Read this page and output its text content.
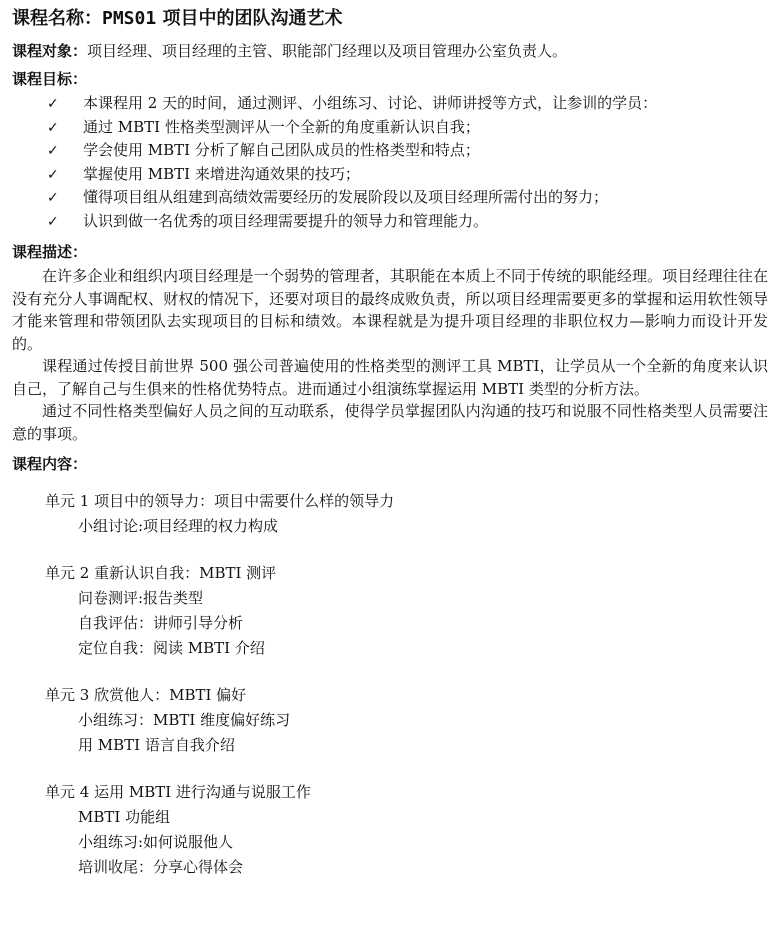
课程名称：PMS01 项目中的团队沟通艺术
课程对象：项目经理、项目经理的主管、职能部门经理以及项目管理办公室负责人。
课程目标：
✓ 本课程用 2 天的时间，通过测评、小组练习、讨论、讲师讲授等方式，让参训的学员：
✓ 通过 MBTI 性格类型测评从一个全新的角度重新认识自我；
✓ 学会使用 MBTI 分析了解自己团队成员的性格类型和特点；
✓ 掌握使用 MBTI 来增进沟通效果的技巧；
✓ 懂得项目组从组建到高绩效需要经历的发展阶段以及项目经理所需付出的努力；
✓ 认识到做一名优秀的项目经理需要提升的领导力和管理能力。
课程描述：

在许多企业和组织内项目经理是一个弱势的管理者，其职能在本质上不同于传统的职能经理。项目经理往往在没有充分人事调配权、财权的情况下，还要对项目的最终成败负责，所以项目经理需要更多的掌握和运用软性领导才能来管理和带领团队去实现项目的目标和绩效。本课程就是为提升项目经理的非职位权力—影响力而设计开发的。

课程通过传授目前世界 500 强公司普遍使用的性格类型的测评工具 MBTI，让学员从一个全新的角度来认识自己，了解自己与生俱来的性格优势特点。进而通过小组演练掌握运用 MBTI 类型的分析方法。

通过不同性格类型偏好人员之间的互动联系，使得学员掌握团队内沟通的技巧和说服不同性格类型人员需要注意的事项。

课程内容：
单元 1 项目中的领导力：项目中需要什么样的领导力
小组讨论:项目经理的权力构成
单元 2 重新认识自我：MBTI 测评
问卷测评:报告类型
自我评估：讲师引导分析
定位自我：阅读 MBTI 介绍
单元 3 欣赏他人：MBTI 偏好
小组练习：MBTI 维度偏好练习
用 MBTI 语言自我介绍
单元 4 运用 MBTI 进行沟通与说服工作
MBTI 功能组
小组练习:如何说服他人
培训收尾：分享心得体会
